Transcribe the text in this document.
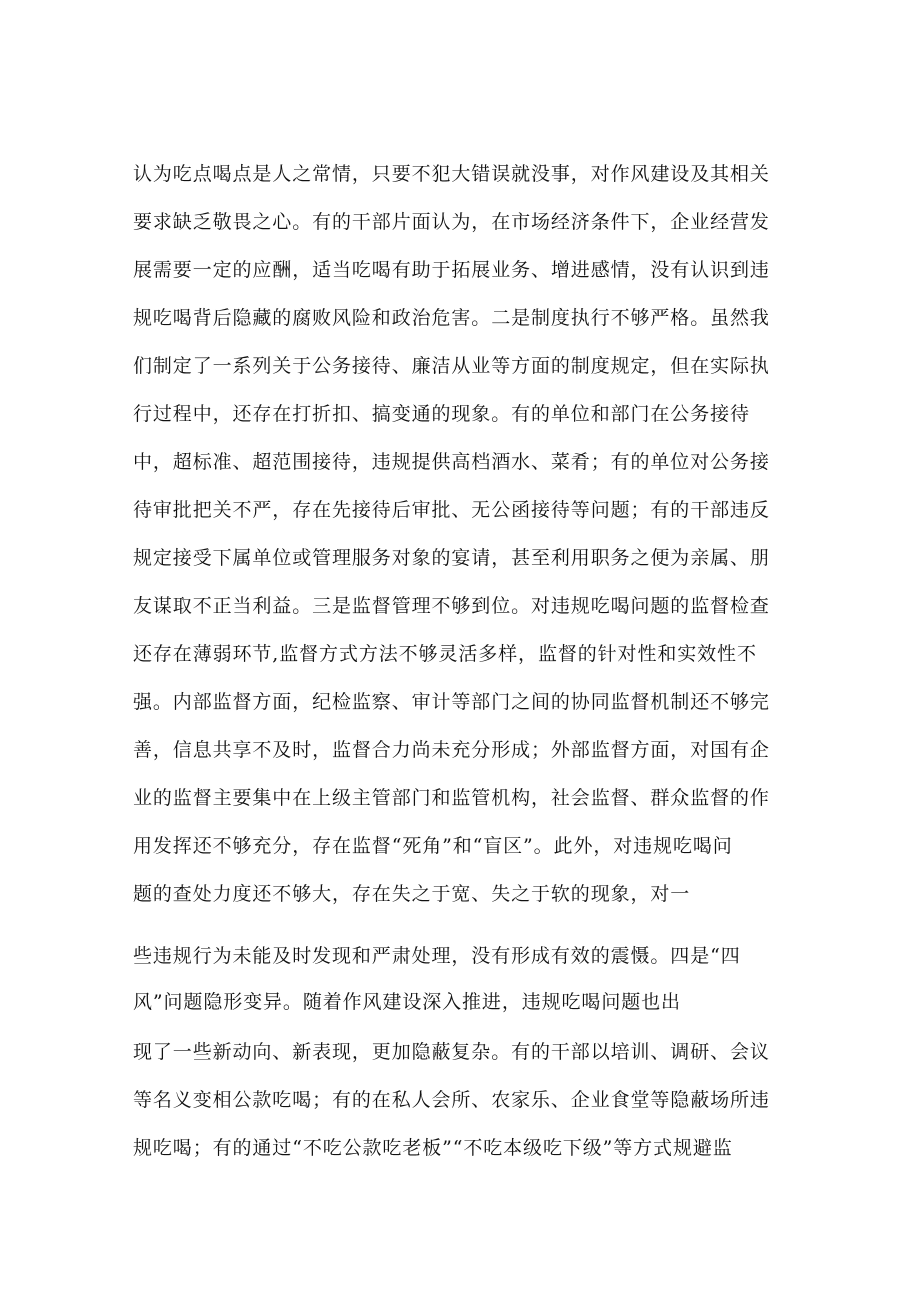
认为吃点喝点是人之常情，只要不犯大错误就没事，对作风建设及其相关
要求缺乏敬畏之心。有的干部片面认为，在市场经济条件下，企业经营发
展需要一定的应酬，适当吃喝有助于拓展业务、增进感情，没有认识到违
规吃喝背后隐藏的腐败风险和政治危害。二是制度执行不够严格。虽然我
们制定了一系列关于公务接待、廉洁从业等方面的制度规定，但在实际执
行过程中，还存在打折扣、搞变通的现象。有的单位和部门在公务接待
中，超标准、超范围接待，违规提供高档酒水、菜肴；有的单位对公务接
待审批把关不严，存在先接待后审批、无公函接待等问题；有的干部违反
规定接受下属单位或管理服务对象的宴请，甚至利用职务之便为亲属、朋
友谋取不正当利益。三是监督管理不够到位。对违规吃喝问题的监督检查
还存在薄弱环节,监督方式方法不够灵活多样，监督的针对性和实效性不
强。内部监督方面，纪检监察、审计等部门之间的协同监督机制还不够完
善，信息共享不及时，监督合力尚未充分形成；外部监督方面，对国有企
业的监督主要集中在上级主管部门和监管机构，社会监督、群众监督的作
用发挥还不够充分，存在监督“死角”和“盲区”。此外，对违规吃喝问
题的查处力度还不够大，存在失之于宽、失之于软的现象，对一
些违规行为未能及时发现和严肃处理，没有形成有效的震慑。四是“四
风”问题隐形变异。随着作风建设深入推进，违规吃喝问题也出
现了一些新动向、新表现，更加隐蔽复杂。有的干部以培训、调研、会议
等名义变相公款吃喝；有的在私人会所、农家乐、企业食堂等隐蔽场所违
规吃喝；有的通过“不吃公款吃老板”“不吃本级吃下级”等方式规避监
